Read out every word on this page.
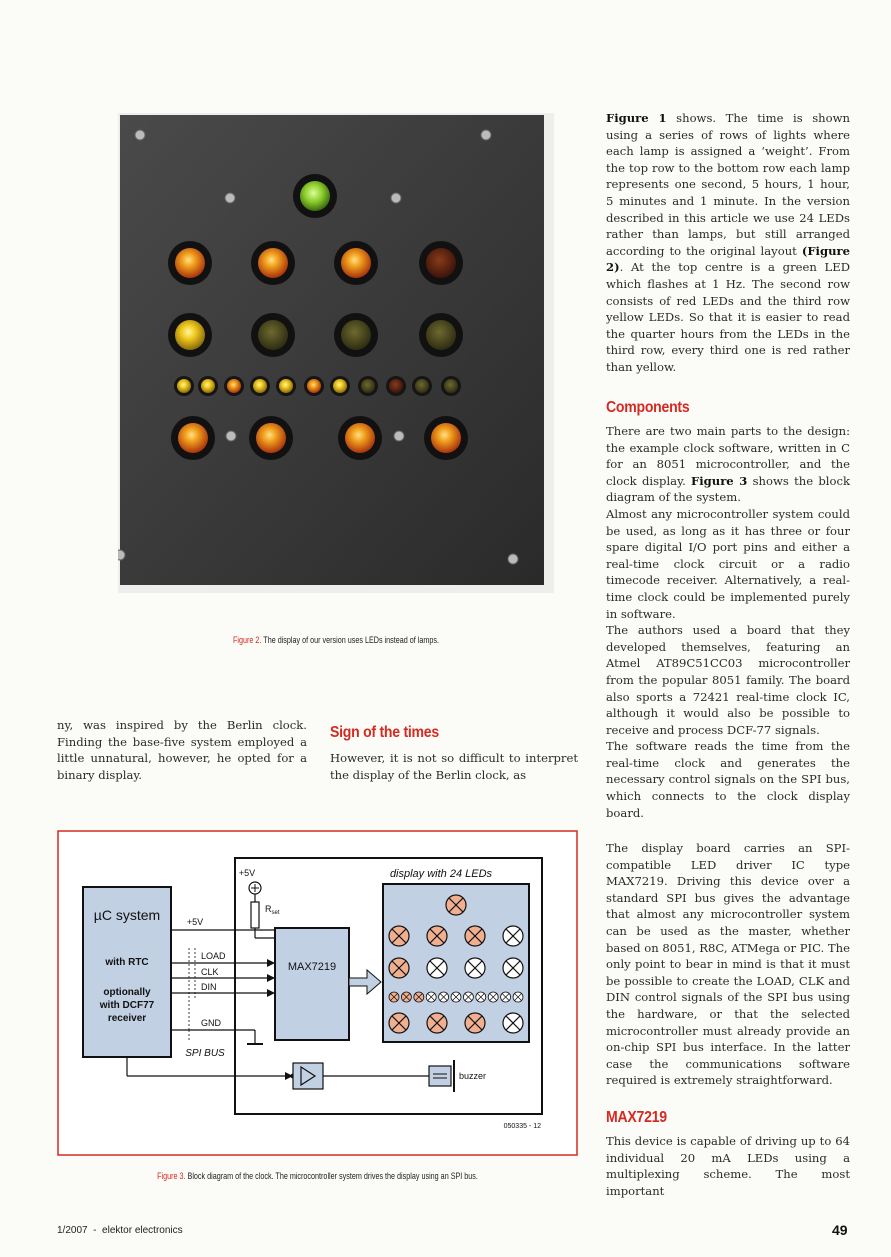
Figure 2. The display of our version uses LEDs instead of lamps.

ny, was inspired by the Berlin clock. Finding the base-five system employed a little unnatural, however, he opted for a binary display.

Sign of the times

However, it is not so difficult to interpret the display of the Berlin clock, as

µC system
with RTC
optionally
with DCF77
receiver
+5V
$R_{set}$
+5V
MAX7219
LOAD
CLK
DIN
GND
SPI BUS
display with 24 LEDs
buzzer
050335 - 12
Figure 3. Block diagram of the clock. The microcontroller system drives the display using an SPI bus.

Figure 1 shows. The time is shown using a series of rows of lights where each lamp is assigned a ‘weight’. From the top row to the bottom row each lamp represents one second, 5 hours, 1 hour, 5 minutes and 1 minute. In the version described in this article we use 24 LEDs rather than lamps, but still arranged according to the original layout (Figure 2). At the top centre is a green LED which flashes at 1 Hz. The second row consists of red LEDs and the third row yellow LEDs. So that it is easier to read the quarter hours from the LEDs in the third row, every third one is red rather than yellow.

Components

There are two main parts to the design: the example clock software, written in C for an 8051 microcontroller, and the clock display. Figure 3 shows the block diagram of the system.

Almost any microcontroller system could be used, as long as it has three or four spare digital I/O port pins and either a real-time clock circuit or a radio timecode receiver. Alternatively, a real-time clock could be implemented purely in software.

The authors used a board that they developed themselves, featuring an Atmel AT89C51CC03 microcontroller from the popular 8051 family. The board also sports a 72421 real-time clock IC, although it would also be possible to receive and process DCF-77 signals.

The software reads the time from the real-time clock and generates the necessary control signals on the SPI bus, which connects to the clock display board.

The display board carries an SPI-compatible LED driver IC type MAX7219. Driving this device over a standard SPI bus gives the advantage that almost any microcontroller system can be used as the master, whether based on 8051, R8C, ATMega or PIC. The only point to bear in mind is that it must be possible to create the LOAD, CLK and DIN control signals of the SPI bus using the hardware, or that the selected microcontroller must already provide an on-chip SPI bus interface. In the latter case the communications software required is extremely straightforward.

MAX7219

This device is capable of driving up to 64 individual 20 mA LEDs using a multiplexing scheme. The most important

1/2007  -  elektor electronics	49
